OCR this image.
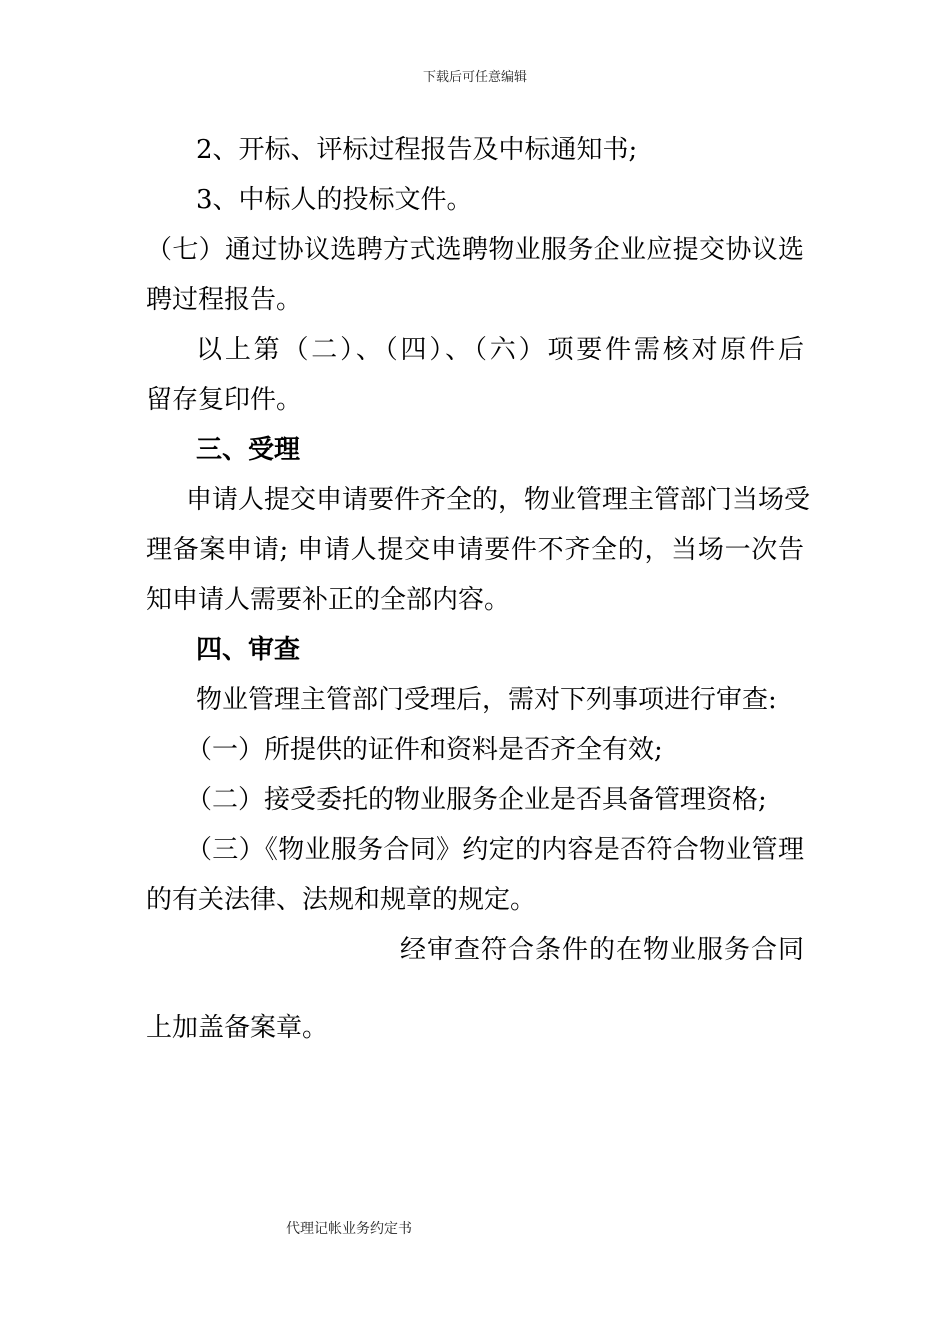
下载后可任意编辑
2、开标、评标过程报告及中标通知书;
3、中标人的投标文件。
（七）通过协议选聘方式选聘物业服务企业应提交协议选
聘过程报告。
以上第（二）、（四）、（六）项要件需核对原件后
留存复印件。
三、受理
申请人提交申请要件齐全的，物业管理主管部门当场受
理备案申请; 申请人提交申请要件不齐全的，当场一次告
知申请人需要补正的全部内容。
四、审查
物业管理主管部门受理后，需对下列事项进行审查:
（一）所提供的证件和资料是否齐全有效;
（二）接受委托的物业服务企业是否具备管理资格;
（三）《物业服务合同》约定的内容是否符合物业管理
的有关法律、法规和规章的规定。
经审查符合条件的在物业服务合同
上加盖备案章。
代理记帐业务约定书
